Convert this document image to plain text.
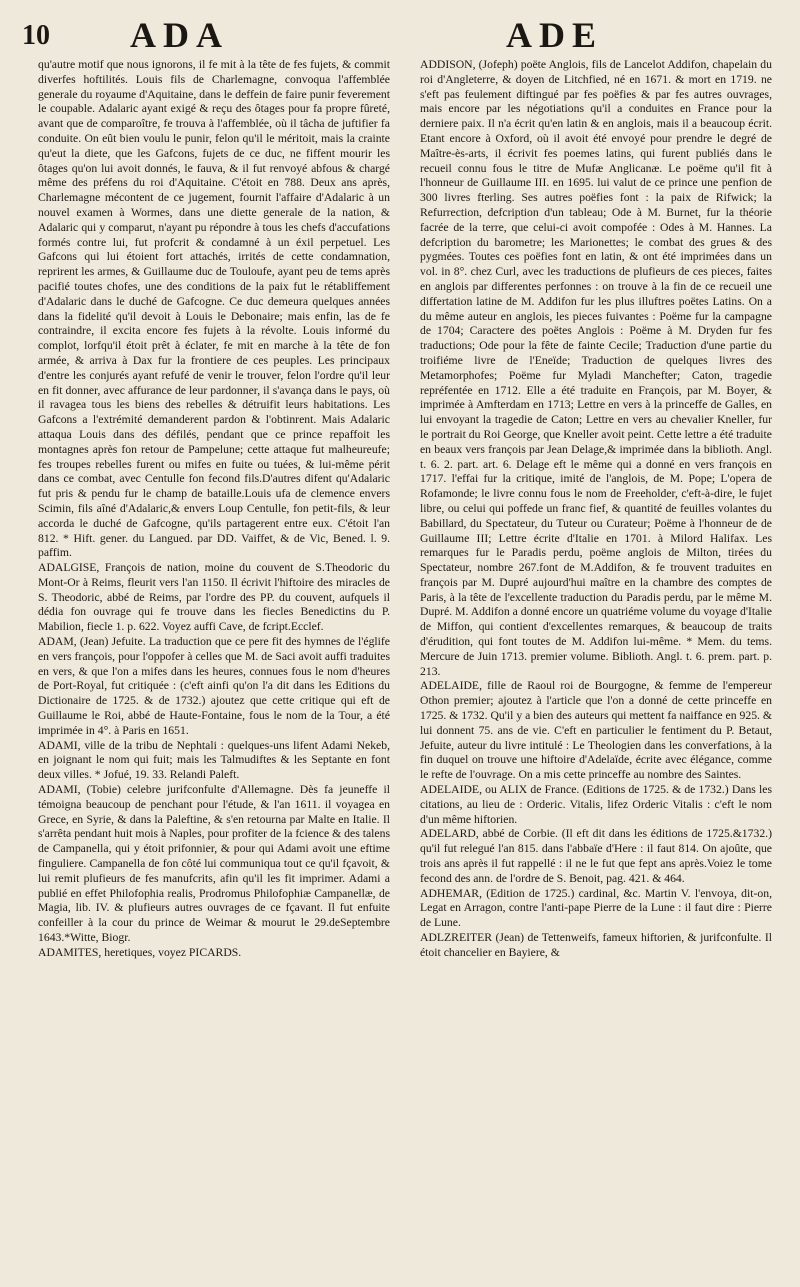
10 ADA	ADE

qu'autre motif que nous ignorons, il fe mit à la tête de fes fujets, & commit diverfes hoftilités. Louis fils de Charlemagne, convoqua l'affemblée generale du royaume d'Aquitaine, dans le deffein de faire punir feverement le coupable. Adalaric ayant exigé & reçu des ôtages pour fa propre fûreté, avant que de comparoître, fe trouva à l'affemblée, où il tâcha de juftifier fa conduite. On eût bien voulu le punir, felon qu'il le méritoit, mais la crainte qu'eut la diete, que les Gafcons, fujets de ce duc, ne fiffent mourir les ôtages qu'on lui avoit donnés, le fauva, & il fut renvoyé abfous & chargé même des préfens du roi d'Aquitaine. C'étoit en 788. Deux ans après, Charlemagne mécontent de ce jugement, fournit l'affaire d'Adalaric à un nouvel examen à Wormes, dans une diette generale de la nation, & Adalaric qui y comparut, n'ayant pu répondre à tous les chefs d'accufations formés contre lui, fut profcrit & condamné à un éxil perpetuel. Les Gafcons qui lui étoient fort attachés, irrités de cette condamnation, reprirent les armes, & Guillaume duc de Touloufe, ayant peu de tems après pacifié toutes chofes, une des conditions de la paix fut le rétabliffement d'Adalaric dans le duché de Gafcogne. Ce duc demeura quelques années dans la fidelité qu'il devoit à Louis le Debonaire; mais enfin, las de fe contraindre, il excita encore fes fujets à la révolte. Louis informé du complot, lorfqu'il étoit prêt à éclater, fe mit en marche à la tête de fon armée, & arriva à Dax fur la frontiere de ces peuples. Les principaux d'entre les conjurés ayant refufé de venir le trouver, felon l'ordre qu'il leur en fit donner, avec affurance de leur pardonner, il s'avança dans le pays, où il ravagea tous les biens des rebelles & détruifit leurs habitations. Les Gafcons a l'extrémité demanderent pardon & l'obtinrent. Mais Adalaric attaqua Louis dans des défilés, pendant que ce prince repaffoit les montagnes après fon retour de Pampelune; cette attaque fut malheureufe; fes troupes rebelles furent ou mifes en fuite ou tuées, & lui-même périt dans ce combat, avec Centulle fon fecond fils.D'autres difent qu'Adalaric fut pris & pendu fur le champ de bataille.Louis ufa de clemence envers Scimin, fils aîné d'Adalaric,& envers Loup Centulle, fon petit-fils, & leur accorda le duché de Gafcogne, qu'ils partagerent entre eux. C'étoit l'an 812. * Hift. gener. du Langued. par DD. Vaiffet, & de Vic, Bened. l. 9. paffim.

ADALGISE, François de nation, moine du couvent de S.Theodoric du Mont-Or à Reims, fleurit vers l'an 1150. Il écrivit l'hiftoire des miracles de S. Theodoric, abbé de Reims, par l'ordre des PP. du couvent, aufquels il dédia fon ouvrage qui fe trouve dans les fiecles Benedictins du P. Mabilion, fiecle 1. p. 622. Voyez auffi Cave, de fcript.Ecclef.

ADAM, (Jean) Jefuite. La traduction que ce pere fit des hymnes de l'églife en vers françois, pour l'oppofer à celles que M. de Saci avoit auffi traduites en vers, & que l'on a mifes dans les heures, connues fous le nom d'heures de Port-Royal, fut critiquée : (c'eft ainfi qu'on l'a dit dans les Editions du Dictionaire de 1725. & de 1732.) ajoutez que cette critique qui eft de Guillaume le Roi, abbé de Haute-Fontaine, fous le nom de la Tour, a été imprimée in 4°. à Paris en 1651.

ADAMI, ville de la tribu de Nephtali : quelques-uns lifent Adami Nekeb, en joignant le nom qui fuit; mais les Talmudiftes & les Septante en font deux villes. * Jofué, 19. 33. Relandi Paleft.

ADAMI, (Tobie) celebre jurifconfulte d'Allemagne. Dès fa jeuneffe il témoigna beaucoup de penchant pour l'étude, & l'an 1611. il voyagea en Grece, en Syrie, & dans la Paleftine, & s'en retourna par Malte en Italie. Il s'arrêta pendant huit mois à Naples, pour profiter de la fcience & des talens de Campanella, qui y étoit prifonnier, & pour qui Adami avoit une eftime finguliere. Campanella de fon côté lui communiqua tout ce qu'il fçavoit, & lui remit plufieurs de fes manufcrits, afin qu'il les fit imprimer. Adami a publié en effet Philofophia realis, Prodromus Philofophiæ Campanellæ, de Magia, lib. IV. & plufieurs autres ouvrages de ce fçavant. Il fut enfuite confeiller à la cour du prince de Weimar & mourut le 29.deSeptembre 1643.*Witte, Biogr.

ADAMITES, heretiques, voyez PICARDS.

ADDISON, (Jofeph) poëte Anglois, fils de Lancelot Addifon, chapelain du roi d'Angleterre, & doyen de Litchfied, né en 1671. & mort en 1719. ne s'eft pas feulement diftingué par fes poëfies & par fes autres ouvrages, mais encore par les négotiations qu'il a conduites en France pour la derniere paix. Il n'a écrit qu'en latin & en anglois, mais il a beaucoup écrit. Etant encore à Oxford, où il avoit été envoyé pour prendre le degré de Maître-ès-arts, il écrivit fes poemes latins, qui furent publiés dans le recueil connu fous le titre de Mufæ Anglicanæ. Le poëme qu'il fit à l'honneur de Guillaume III. en 1695. lui valut de ce prince une penfion de 300 livres fterling. Ses autres poëfies font : la paix de Rifwick; la Refurrection, defcription d'un tableau; Ode à M. Burnet, fur la théorie facrée de la terre, que celui-ci avoit compofée : Odes à M. Hannes. La defcription du barometre; les Marionettes; le combat des grues & des pygmées. Toutes ces poëfies font en latin, & ont été imprimées dans un vol. in 8°. chez Curl, avec les traductions de plufieurs de ces pieces, faites en anglois par differentes perfonnes : on trouve à la fin de ce recueil une differtation latine de M. Addifon fur les plus illuftres poëtes Latins. On a du même auteur en anglois, les pieces fuivantes : Poëme fur la campagne de 1704; Caractere des poëtes Anglois : Poëme à M. Dryden fur fes traductions; Ode pour la fête de fainte Cecile; Traduction d'une partie du troifiéme livre de l'Eneïde; Traduction de quelques livres des Metamorphofes; Poëme fur Myladi Manchefter; Caton, tragedie repréfentée en 1712. Elle a été traduite en François, par M. Boyer, & imprimée à Amfterdam en 1713; Lettre en vers à la princeffe de Galles, en lui envoyant la tragedie de Caton; Lettre en vers au chevalier Kneller, fur le portrait du Roi George, que Kneller avoit peint. Cette lettre a été traduite en beaux vers françois par Jean Delage,& imprimée dans la biblioth. Angl. t. 6. 2. part. art. 6. Delage eft le même qui a donné en vers françois en 1717. l'effai fur la critique, imité de l'anglois, de M. Pope; L'opera de Rofamonde; le livre connu fous le nom de Freeholder, c'eft-à-dire, le fujet libre, ou celui qui poffede un franc fief, & quantité de feuilles volantes du Babillard, du Spectateur, du Tuteur ou Curateur; Poëme à l'honneur de de Guillaume III; Lettre écrite d'Italie en 1701. à Milord Halifax. Les remarques fur le Paradis perdu, poëme anglois de Milton, tirées du Spectateur, nombre 267.font de M.Addifon, & fe trouvent traduites en françois par M. Dupré aujourd'hui maître en la chambre des comptes de Paris, à la tête de l'excellente traduction du Paradis perdu, par le même M. Dupré. M. Addifon a donné encore un quatriéme volume du voyage d'Italie de Miffon, qui contient d'excellentes remarques, & beaucoup de traits d'érudition, qui font toutes de M. Addifon lui-même. * Mem. du tems. Mercure de Juin 1713. premier volume. Biblioth. Angl. t. 6. prem. part. p. 213.

ADELAIDE, fille de Raoul roi de Bourgogne, & femme de l'empereur Othon premier; ajoutez à l'article que l'on a donné de cette princeffe en 1725. & 1732. Qu'il y a bien des auteurs qui mettent fa naiffance en 925. & lui donnent 75. ans de vie. C'eft en particulier le fentiment du P. Betaut, Jefuite, auteur du livre intitulé : Le Theologien dans les converfations, à la fin duquel on trouve une hiftoire d'Adelaïde, écrite avec élégance, comme le refte de l'ouvrage. On a mis cette princeffe au nombre des Saintes.

ADELAIDE, ou ALIX de France. (Editions de 1725. & de 1732.) Dans les citations, au lieu de : Orderic. Vitalis, lifez Orderic Vitalis : c'eft le nom d'un même hiftorien.

ADELARD, abbé de Corbie. (Il eft dit dans les éditions de 1725.&1732.) qu'il fut relegué l'an 815. dans l'abbaïe d'Here : il faut 814. On ajoûte, que trois ans après il fut rappellé : il ne le fut que fept ans après.Voiez le tome fecond des ann. de l'ordre de S. Benoit, pag. 421. & 464.

ADHEMAR, (Edition de 1725.) cardinal, &c. Martin V. l'envoya, dit-on, Legat en Arragon, contre l'anti-pape Pierre de la Lune : il faut dire : Pierre de Lune.

ADLZREITER (Jean) de Tettenweifs, fameux hiftorien, & jurifconfulte. Il étoit chancelier en Bayiere, &
